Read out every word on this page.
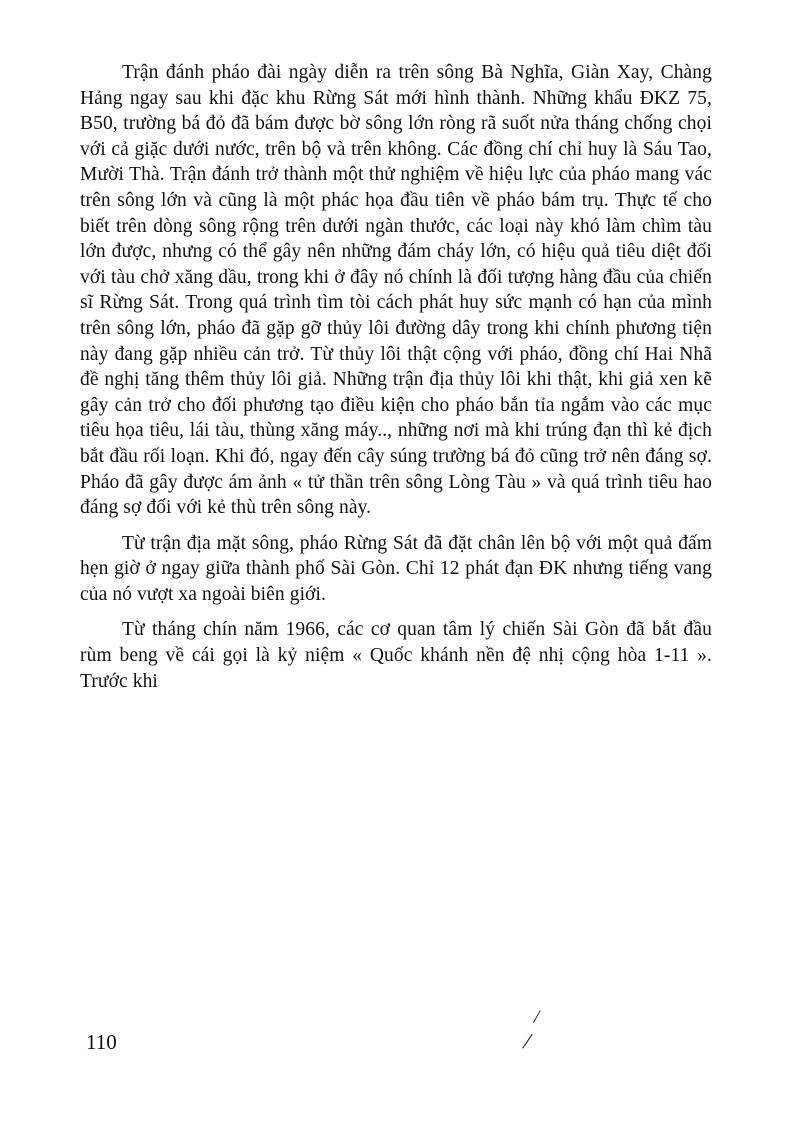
Trận đánh pháo đài ngày diễn ra trên sông Bà Nghĩa, Giàn Xay, Chàng Hảng ngay sau khi đặc khu Rừng Sát mới hình thành. Những khẩu ĐKZ 75, B50, trường bá đỏ đã bám được bờ sông lớn ròng rã suốt nửa tháng chống chọi với cả giặc dưới nước, trên bộ và trên không. Các đồng chí chỉ huy là Sáu Tao, Mười Thà. Trận đánh trở thành một thử nghiệm về hiệu lực của pháo mang vác trên sông lớn và cũng là một phác họa đầu tiên về pháo bám trụ. Thực tế cho biết trên dòng sông rộng trên dưới ngàn thước, các loại này khó làm chìm tàu lớn được, nhưng có thể gây nên những đám cháy lớn, có hiệu quả tiêu diệt đối với tàu chở xăng dầu, trong khi ở đây nó chính là đối tượng hàng đầu của chiến sĩ Rừng Sát. Trong quá trình tìm tòi cách phát huy sức mạnh có hạn của mình trên sông lớn, pháo đã gặp gỡ thủy lôi đường dây trong khi chính phương tiện này đang gặp nhiều cản trở. Từ thủy lôi thật cộng với pháo, đồng chí Hai Nhã đề nghị tăng thêm thủy lôi giả. Những trận địa thủy lôi khi thật, khi giả xen kẽ gây cản trở cho đối phương tạo điều kiện cho pháo bắn tỉa ngắm vào các mục tiêu họa tiêu, lái tàu, thùng xăng máy.., những nơi mà khi trúng đạn thì kẻ địch bắt đầu rối loạn. Khi đó, ngay đến cây súng trường bá đỏ cũng trở nên đáng sợ. Pháo đã gây được ám ảnh « tử thần trên sông Lòng Tàu » và quá trình tiêu hao đáng sợ đối với kẻ thù trên sông này.

Từ trận địa mặt sông, pháo Rừng Sát đã đặt chân lên bộ với một quả đấm hẹn giờ ở ngay giữa thành phố Sài Gòn. Chỉ 12 phát đạn ĐK nhưng tiếng vang của nó vượt xa ngoài biên giới.

Từ tháng chín năm 1966, các cơ quan tâm lý chiến Sài Gòn đã bắt đầu rùm beng về cái gọi là kỷ niệm « Quốc khánh nền đệ nhị cộng hòa 1-11 ». Trước khi

110
/
/
